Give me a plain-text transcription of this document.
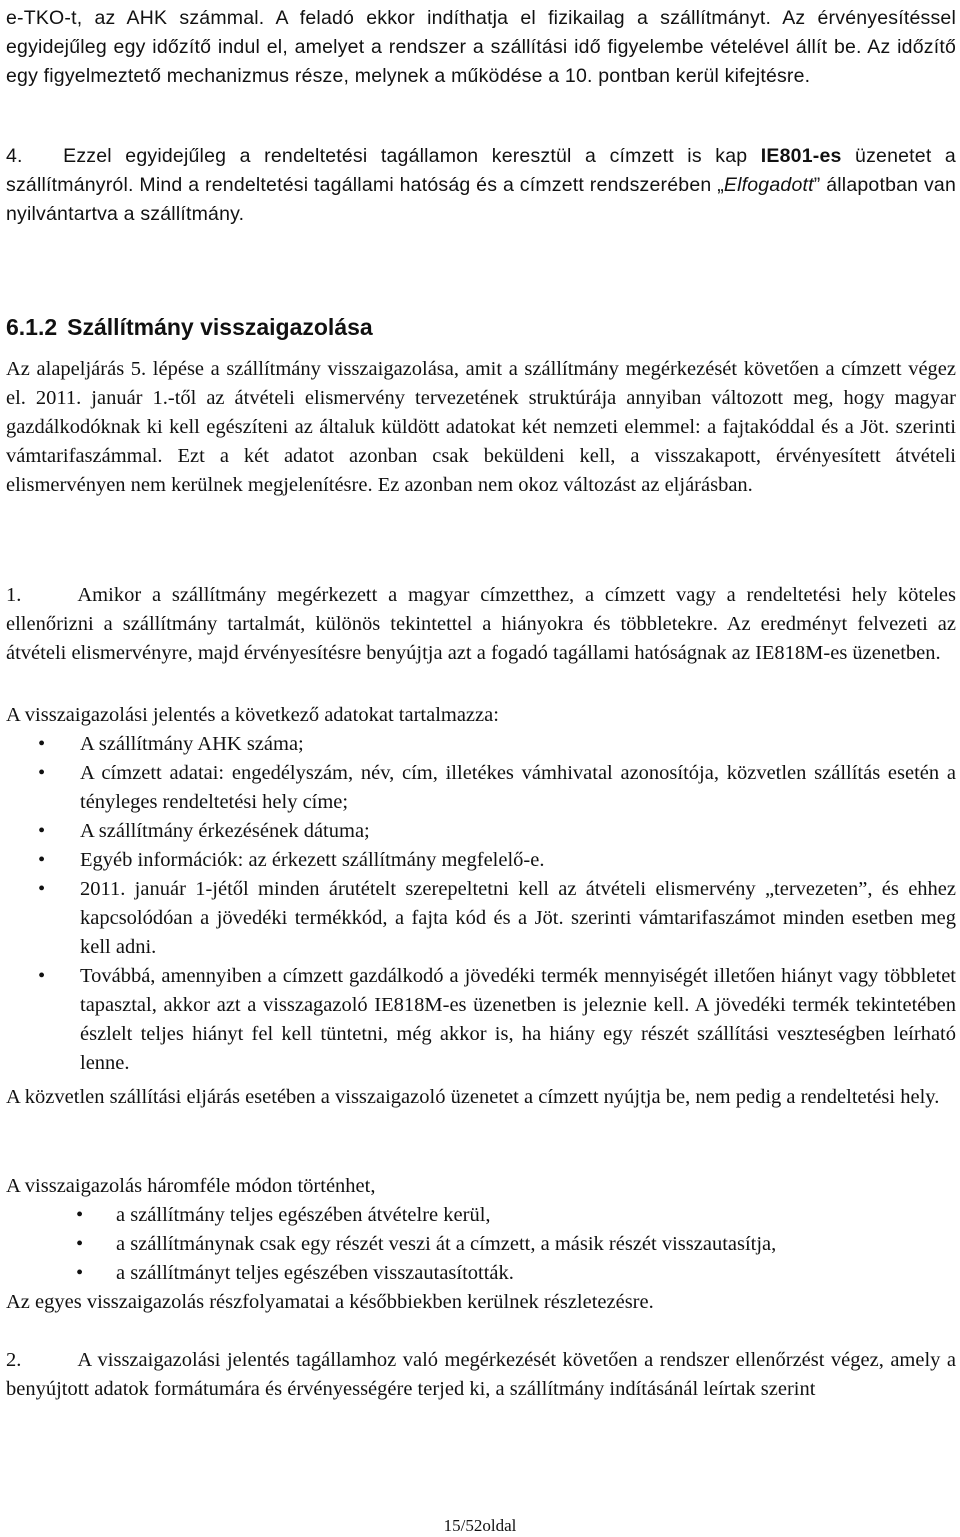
e-TKO-t, az AHK számmal. A feladó ekkor indíthatja el fizikailag a szállítmányt. Az érvényesítéssel egyidejűleg egy időzítő indul el, amelyet a rendszer a szállítási idő figyelembe vételével állít be. Az időzítő egy figyelmeztető mechanizmus része, melynek a működése a 10. pontban kerül kifejtésre.

4. Ezzel egyidejűleg a rendeltetési tagállamon keresztül a címzett is kap IE801-es üzenetet a szállítmányról. Mind a rendeltetési tagállami hatóság és a címzett rendszerében „Elfogadott” állapotban van nyilvántartva a szállítmány.

6.1.2 Szállítmány visszaigazolása

Az alapeljárás 5. lépése a szállítmány visszaigazolása, amit a szállítmány megérkezését követően a címzett végez el. 2011. január 1.-től az átvételi elismervény tervezetének struktúrája annyiban változott meg, hogy magyar gazdálkodóknak ki kell egészíteni az általuk küldött adatokat két nemzeti elemmel: a fajtakóddal és a Jöt. szerinti vámtarifaszámmal. Ezt a két adatot azonban csak beküldeni kell, a visszakapott, érvényesített átvételi elismervényen nem kerülnek megjelenítésre. Ez azonban nem okoz változást az eljárásban.

1.	Amikor a szállítmány megérkezett a magyar címzetthez, a címzett vagy a rendeltetési hely köteles ellenőrizni a szállítmány tartalmát, különös tekintettel a hiányokra és többletekre. Az eredményt felvezeti az átvételi elismervényre, majd érvényesítésre benyújtja azt a fogadó tagállami hatóságnak az IE818M-es üzenetben.

A visszaigazolási jelentés a következő adatokat tartalmazza:

• A szállítmány AHK száma;
• A címzett adatai: engedélyszám, név, cím, illetékes vámhivatal azonosítója, közvetlen szállítás esetén a tényleges rendeltetési hely címe;
• A szállítmány érkezésének dátuma;
• Egyéb információk: az érkezett szállítmány megfelelő-e.
• 2011. január 1-jétől minden árutételt szerepeltetni kell az átvételi elismervény „tervezeten”, és ehhez kapcsolódóan a jövedéki termékkód, a fajta kód és a Jöt. szerinti vámtarifaszámot minden esetben meg kell adni.
• Továbbá, amennyiben a címzett gazdálkodó a jövedéki termék mennyiségét illetően hiányt vagy többletet tapasztal, akkor azt a visszagazoló IE818M-es üzenetben is jeleznie kell. A jövedéki termék tekintetében észlelt teljes hiányt fel kell tüntetni, még akkor is, ha hiány egy részét szállítási veszteségben leírható lenne.

A közvetlen szállítási eljárás esetében a visszaigazoló üzenetet a címzett nyújtja be, nem pedig a rendeltetési hely.

A visszaigazolás háromféle módon történhet,

• a szállítmány teljes egészében átvételre kerül,
• a szállítmánynak csak egy részét veszi át a címzett, a másik részét visszautasítja,
• a szállítmányt teljes egészében visszautasították.

Az egyes visszaigazolás részfolyamatai a későbbiekben kerülnek részletezésre.

2.	A visszaigazolási jelentés tagállamhoz való megérkezését követően a rendszer ellenőrzést végez, amely a benyújtott adatok formátumára és érvényességére terjed ki, a szállítmány indításánál leírtak szerint

15/52oldal
